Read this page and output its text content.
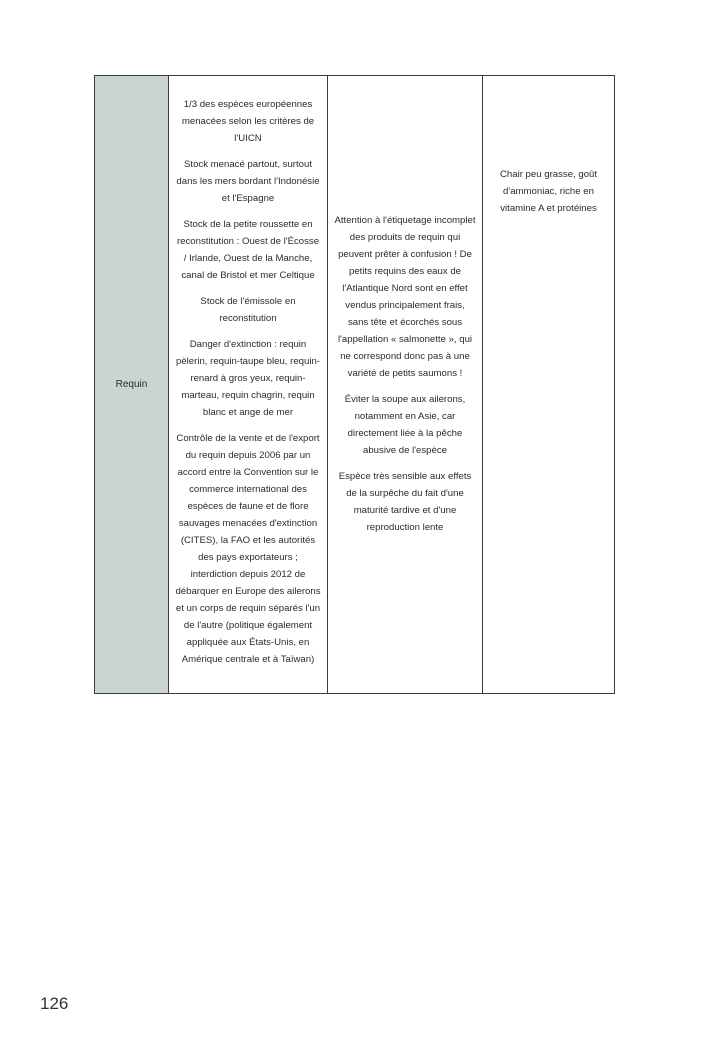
Requin

1/3 des espèces européennes menacées selon les critères de l'UICN

Stock menacé partout, surtout dans les mers bordant l'Indonésie et l'Espagne

Stock de la petite roussette en reconstitution : Ouest de l'Écosse / Irlande, Ouest de la Manche, canal de Bristol et mer Celtique

Stock de l'émissole en reconstitution

Danger d'extinction : requin pèlerin, requin-taupe bleu, requin-renard à gros yeux, requin-marteau, requin chagrin, requin blanc et ange de mer

Contrôle de la vente et de l'export du requin depuis 2006 par un accord entre la Convention sur le commerce international des espèces de faune et de flore sauvages menacées d'extinction (CITES), la FAO et les autorités des pays exportateurs ; interdiction depuis 2012 de débarquer en Europe des ailerons et un corps de requin séparés l'un de l'autre (politique également appliquée aux États-Unis, en Amérique centrale et à Taïwan)

Attention à l'étiquetage incomplet des produits de requin qui peuvent prêter à confusion ! De petits requins des eaux de l'Atlantique Nord sont en effet vendus principalement frais, sans tête et écorchés sous l'appellation « salmonette », qui ne correspond donc pas à une variété de petits saumons !

Éviter la soupe aux ailerons, notamment en Asie, car directement liée à la pêche abusive de l'espèce

Espèce très sensible aux effets de la surpêche du fait d'une maturité tardive et d'une reproduction lente

Chair peu grasse, goût d'ammoniac, riche en vitamine A et protéines

126
